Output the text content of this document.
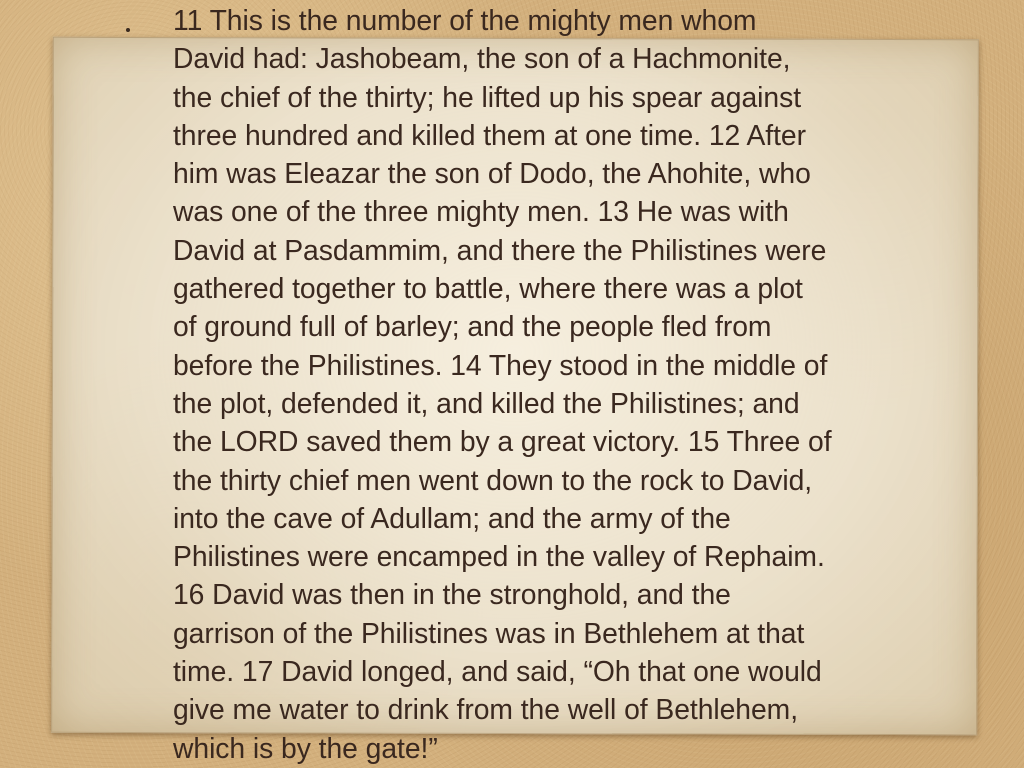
11 This is the number of the mighty men whom
David had: Jashobeam, the son of a Hachmonite,
the chief of the thirty; he lifted up his spear against
three hundred and killed them at one time. 12 After
him was Eleazar the son of Dodo, the Ahohite, who
was one of the three mighty men. 13 He was with
David at Pasdammim, and there the Philistines were
gathered together to battle, where there was a plot
of ground full of barley; and the people fled from
before the Philistines. 14 They stood in the middle of
the plot, defended it, and killed the Philistines; and
the LORD saved them by a great victory. 15 Three of
the thirty chief men went down to the rock to David,
into the cave of Adullam; and the army of the
Philistines were encamped in the valley of Rephaim.
16 David was then in the stronghold, and the
garrison of the Philistines was in Bethlehem at that
time. 17 David longed, and said, “Oh that one would
give me water to drink from the well of Bethlehem,
which is by the gate!”
